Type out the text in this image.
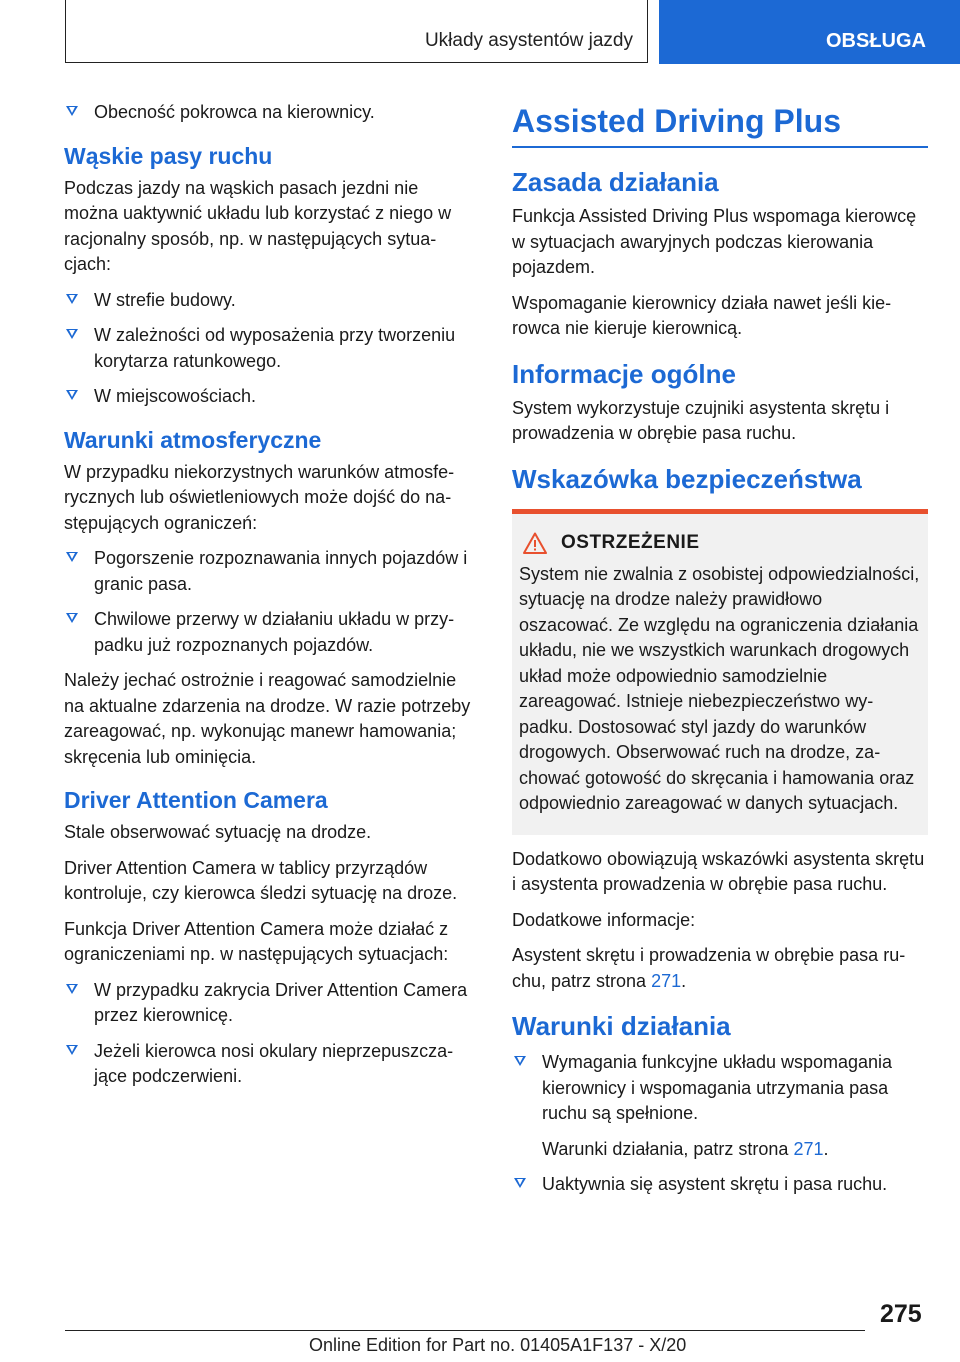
Układy asystentów jazdy	OBSŁUGA
Obecność pokrowca na kierownicy.
Wąskie pasy ruchu

Podczas jazdy na wąskich pasach jezdni nie można uaktywnić układu lub korzystać z niego w racjonalny sposób, np. w następujących sytuacjach:

W strefie budowy.
W zależności od wyposażenia przy tworzeniu korytarza ratunkowego.
W miejscowościach.
Warunki atmosferyczne

W przypadku niekorzystnych warunków atmosferycznych lub oświetleniowych może dojść do następujących ograniczeń:

Pogorszenie rozpoznawania innych pojazdów i granic pasa.
Chwilowe przerwy w działaniu układu w przypadku już rozpoznanych pojazdów.

Należy jechać ostrożnie i reagować samodzielnie na aktualne zdarzenia na drodze. W razie potrzeby zareagować, np. wykonując manewr hamowania; skręcenia lub ominięcia.

Driver Attention Camera

Stale obserwować sytuację na drodze.

Driver Attention Camera w tablicy przyrządów kontroluje, czy kierowca śledzi sytuację na droze.

Funkcja Driver Attention Camera może działać z ograniczeniami np. w następujących sytuacjach:

W przypadku zakrycia Driver Attention Camera przez kierownicę.
Jeżeli kierowca nosi okulary nieprzepuszczające podczerwieni.
Assisted Driving Plus
Zasada działania

Funkcja Assisted Driving Plus wspomaga kierowcę w sytuacjach awaryjnych podczas kierowania pojazdem.

Wspomaganie kierownicy działa nawet jeśli kierowca nie kieruje kierownicą.

Informacje ogólne

System wykorzystuje czujniki asystenta skrętu i prowadzenia w obrębie pasa ruchu.

Wskazówka bezpieczeństwa
OSTRZEŻENIE

System nie zwalnia z osobistej odpowiedzialności, sytuację na drodze należy prawidłowo oszacować. Ze względu na ograniczenia działania układu, nie we wszystkich warunkach drogowych układ może odpowiednio samodzielnie zareagować. Istnieje niebezpieczeństwo wypadku. Dostosować styl jazdy do warunków drogowych. Obserwować ruch na drodze, zachować gotowość do skręcania i hamowania oraz odpowiednio zareagować w danych sytuacjach.

Dodatkowo obowiązują wskazówki asystenta skrętu i asystenta prowadzenia w obrębie pasa ruchu.

Dodatkowe informacje:

Asystent skrętu i prowadzenia w obrębie pasa ruchu, patrz strona 271.

Warunki działania
Wymagania funkcyjne układu wspomagania kierownicy i wspomagania utrzymania pasa ruchu są spełnione.

Warunki działania, patrz strona 271.

Uaktywnia się asystent skrętu i pasa ruchu.
275
Online Edition for Part no. 01405A1F137 - X/20
